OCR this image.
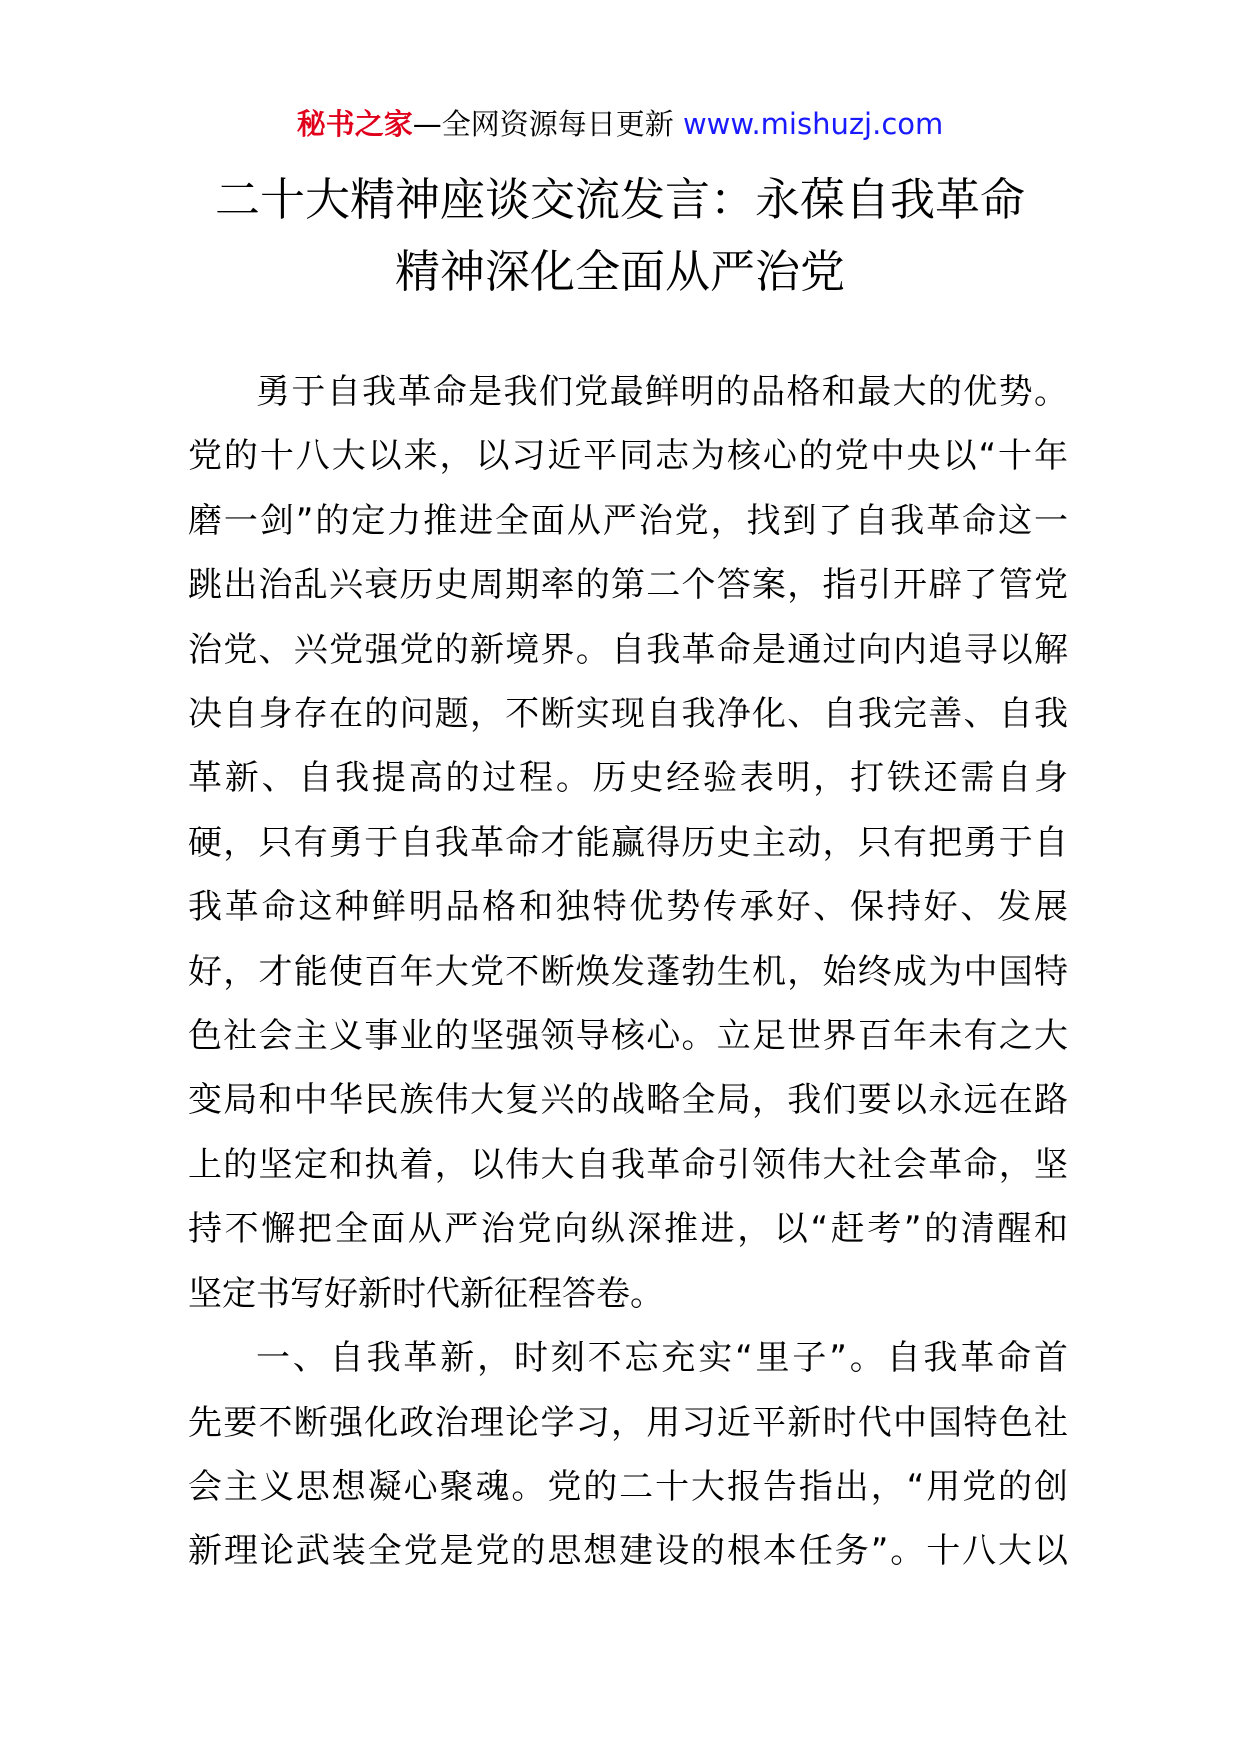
秘书之家—全网资源每日更新 www.mishuzj.com
二十大精神座谈交流发言：永葆自我革命
精神深化全面从严治党
勇于自我革命是我们党最鲜明的品格和最大的优势。
党的十八大以来，以习近平同志为核心的党中央以“十年
磨一剑”的定力推进全面从严治党，找到了自我革命这一
跳出治乱兴衰历史周期率的第二个答案，指引开辟了管党
治党、兴党强党的新境界。自我革命是通过向内追寻以解
决自身存在的问题，不断实现自我净化、自我完善、自我
革新、自我提高的过程。历史经验表明，打铁还需自身
硬，只有勇于自我革命才能赢得历史主动，只有把勇于自
我革命这种鲜明品格和独特优势传承好、保持好、发展
好，才能使百年大党不断焕发蓬勃生机，始终成为中国特
色社会主义事业的坚强领导核心。立足世界百年未有之大
变局和中华民族伟大复兴的战略全局，我们要以永远在路
上的坚定和执着，以伟大自我革命引领伟大社会革命，坚
持不懈把全面从严治党向纵深推进，以“赶考”的清醒和
坚定书写好新时代新征程答卷。
一、自我革新，时刻不忘充实“里子”。自我革命首
先要不断强化政治理论学习，用习近平新时代中国特色社
会主义思想凝心聚魂。党的二十大报告指出，“用党的创
新理论武装全党是党的思想建设的根本任务”。十八大以
